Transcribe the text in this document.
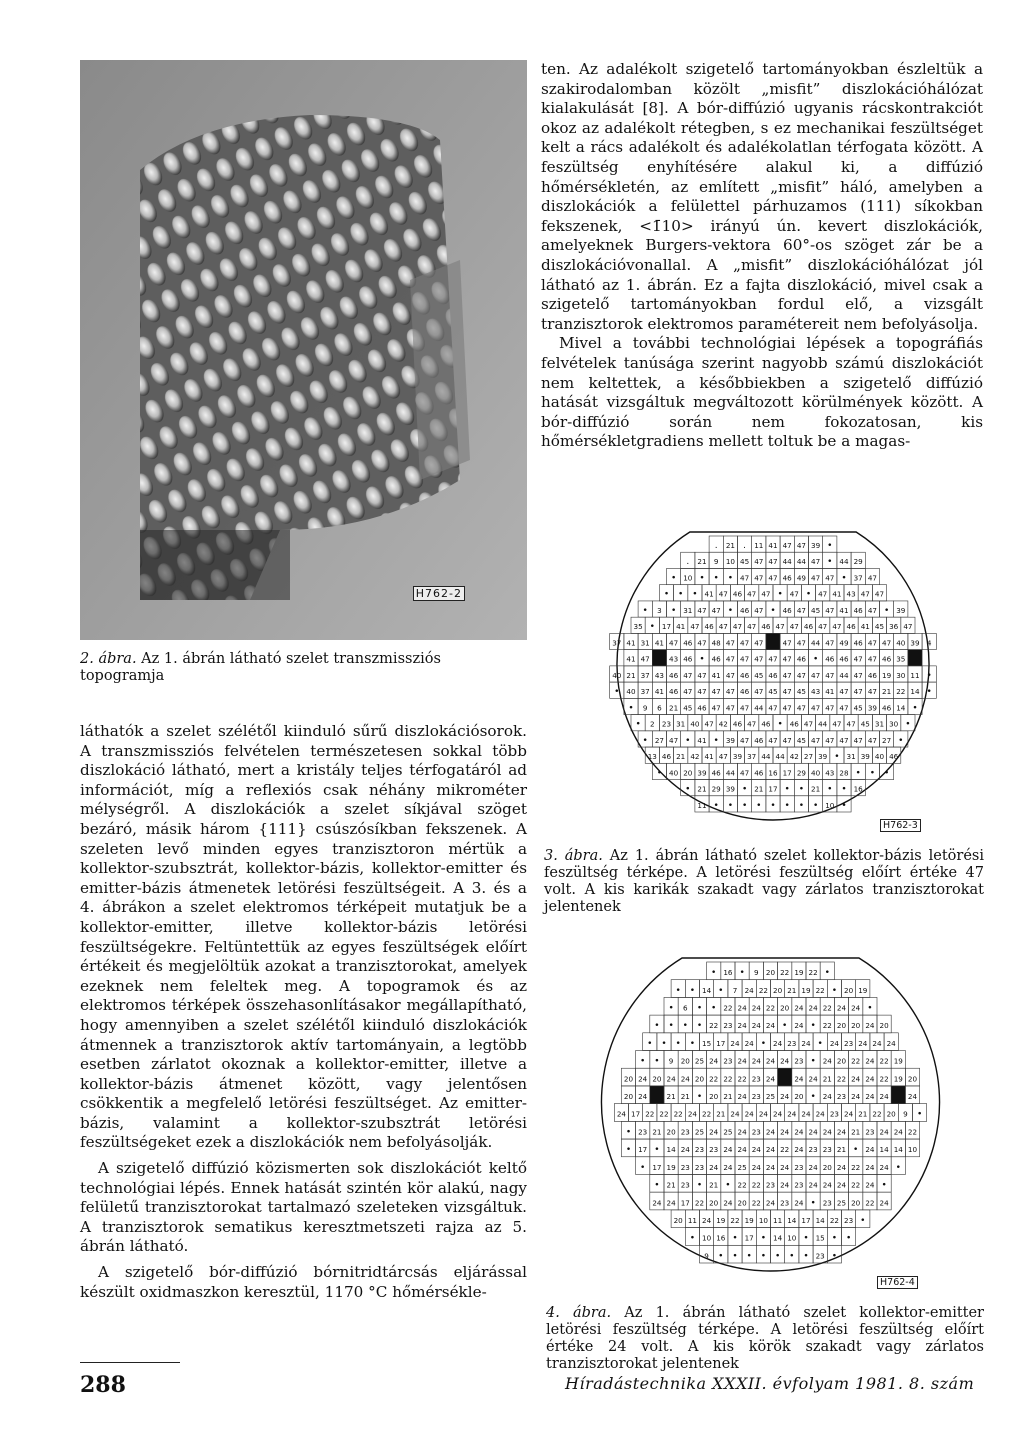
H762-2
2. ábra. Az 1. ábrán látható szelet transzmissziós topogramja

ten. Az adalékolt szigetelő tartományokban észleltük a szakirodalomban közölt „misfit” diszlokációhálózat kialakulását [8]. A bór-diffúzió ugyanis rácskontrakciót okoz az adalékolt rétegben, s ez mechanikai feszültséget kelt a rács adalékolt és adalékolatlan térfogata között. A feszültség enyhítésére alakul ki, a diffúzió hőmérsékletén, az említett „misfit” háló, amelyben a diszlokációk a felülettel párhuzamos (111) síkokban fekszenek, <1̄10> irányú ún. kevert diszlokációk, amelyeknek Burgers-vektora 60°-os szöget zár be a diszlokációvonallal. A „misfit” diszlokációhálózat jól látható az 1. ábrán. Ez a fajta diszlokáció, mivel csak a szigetelő tartományokban fordul elő, a vizsgált tranzisztorok elektromos paramétereit nem befolyásolja.

Mivel a további technológiai lépések a topográfiás felvételek tanúsága szerint nagyobb számú diszlokációt nem keltettek, a későbbiekben a szigetelő diffúzió hatását vizsgáltuk megváltozott körülmények között. A bór-diffúzió során nem fokozatosan, kis hőmérsékletgradiens mellett toltuk be a magas-

láthatók a szelet szélétől kiinduló sűrű diszlokációsorok. A transzmissziós felvételen természetesen sokkal több diszlokáció látható, mert a kristály teljes térfogatáról ad információt, míg a reflexiós csak néhány mikrométer mélységről. A diszlokációk a szelet síkjával szöget bezáró, másik három {111} csúszósíkban fekszenek. A szeleten levő minden egyes tranzisztoron mértük a kollektor-szubsztrát, kollektor-bázis, kollektor-emitter és emitter-bázis átmenetek letörési feszültségeit. A 3. és a 4. ábrákon a szelet elektromos térképeit mutatjuk be a kollektor-emitter, illetve kollektor-bázis letörési feszültségekre. Feltüntettük az egyes feszültségek előírt értékeit és megjelöltük azokat a tranzisztorokat, amelyek ezeknek nem feleltek meg. A topogramok és az elektromos térképek összehasonlításakor megállapítható, hogy amennyiben a szelet szélétől kiinduló diszlokációk átmennek a tranzisztorok aktív tartományain, a legtöbb esetben zárlatot okoznak a kollektor-emitter, illetve a kollektor-bázis átmenet között, vagy jelentősen csökkentik a megfelelő letörési feszültséget. Az emitter-bázis, valamint a kollektor-szubsztrát letörési feszültségeket ezek a diszlokációk nem befolyásolják.

A szigetelő diffúzió közismerten sok diszlokációt keltő technológiai lépés. Ennek hatását szintén kör alakú, nagy felületű tranzisztorokat tartalmazó szeleteken vizsgáltuk. A tranzisztorok sematikus keresztmetszeti rajza az 5. ábrán látható.

A szigetelő bór-diffúzió bórnitridtárcsás eljárással készült oxidmaszkon keresztül, 1170 °C hőmérsékle-

. 21 . 11 41 47 47 39 •
. 21 9 10 45 47 47 44 44 47 • 44 29
• 10 • • • 47 47 47 46 49 47 47 • 37 47
• • • 41 47 46 47 47 • 47 • 47 41 43 47 47
• 3 • 31 47 47 • 46 47 • 46 47 45 47 41 46 47 • 39
35 • 17 41 47 46 47 47 47 46 47 47 46 47 47 46 41 45 36 47
37 41 31 41 47 46 47 48 47 47 47	47 47 44 47 49 46 47 47 40 39 4
41 47	43 46 • 46 47 47 47 47 47 46 • 46 46 47 47 46 35
40 21 37 43 46 47 47 41 47 46 45 46 47 47 47 47 44 47 46 19 30 11 •
• 40 37 41 46 47 47 47 47 46 47 45 47 45 43 41 47 47 47 21 22 14 •
• 9 6 21 45 46 47 47 47 44 47 47 47 47 47 47 45 39 46 14 •
• 2 23 31 40 47 42 46 47 46 • 46 47 44 47 47 45 31 30 •
• 27 47 • 41 • 39 47 46 47 47 45 47 47 47 47 47 27 •
13 46 21 42 41 47 39 37 44 44 42 27 39 • 31 39 40 46
• 40 20 39 46 44 47 46 16 17 29 40 43 28 • • •
• 21 29 39 • 21 17 • • 21 • • 16
11 • • • • • • • • 10 •
H762-3
3. ábra. Az 1. ábrán látható szelet kollektor-bázis letörési feszültség térképe. A letörési feszültség előírt értéke 47 volt. A kis karikák szakadt vagy zárlatos tranzisztorokat jelentenek
• 16 • 9 20 22 19 22 •
• • 14 • 7 24 22 20 21 19 22 • 20 19
• 6 • • 22 24 24 22 20 24 24 22 24 24 •
• • • • 22 23 24 24 24 • 24 • 22 20 20 24 20
• • • • 15 17 24 24 • 24 23 24 • 24 23 24 24 24
• • 9 20 25 24 23 24 24 24 24 23 • 24 20 22 24 22 19
20 24 20 24 24 20 22 22 22 23 24	24 24 21 22 24 24 22 19 20
20 24	21 21 • 20 21 24 23 25 24 20 • 24 23 24 24 24	24
24 17 22 22 22 24 22 21 24 24 24 24 24 24 24 23 24 21 22 20 9 •
• 23 21 20 23 25 24 25 24 23 24 24 24 24 24 24 21 23 24 24 22
• 17 • 14 24 23 23 24 24 24 24 22 24 23 23 21 • 24 14 14 10
• 17 19 23 23 24 24 25 24 24 24 23 24 20 24 22 24 24 •
• 21 23 • 21 • 22 22 23 24 23 24 24 24 22 24 •
24 24 17 22 20 24 20 22 24 23 24 • 23 25 20 22 24
20 11 24 19 22 19 10 11 14 17 14 22 23 •
• 10 16 • 17 • 14 10 • 15 • •
9 • • • • • • • 23 •
H762-4
4. ábra. Az 1. ábrán látható szelet kollektor-emitter letörési feszültség térképe. A letörési feszültség előírt értéke 24 volt. A kis körök szakadt vagy zárlatos tranzisztorokat jelentenek
288	Híradástechnika XXXII. évfolyam 1981. 8. szám
